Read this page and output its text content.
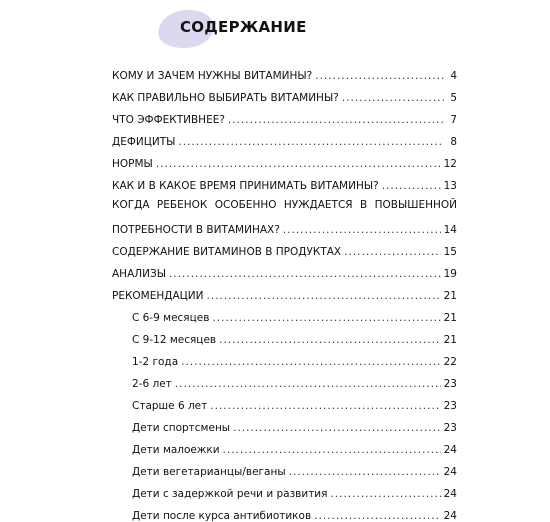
СОДЕРЖАНИЕ
КОМУ И ЗАЧЕМ НУЖНЫ ВИТАМИНЫ? .....	4
КАК ПРАВИЛЬНО ВЫБИРАТЬ ВИТАМИНЫ? .....	5
ЧТО ЭФФЕКТИВНЕЕ? .....	7
ДЕФИЦИТЫ .....	8
НОРМЫ .....	12
КАК И В КАКОЕ ВРЕМЯ ПРИНИМАТЬ ВИТАМИНЫ? .....	13
КОГДА РЕБЕНОК ОСОБЕННО НУЖДАЕТСЯ В ПОВЫШЕННОЙ
ПОТРЕБНОСТИ В ВИТАМИНАХ? .....	14
СОДЕРЖАНИЕ ВИТАМИНОВ В ПРОДУКТАХ .....	15
АНАЛИЗЫ .....	19
РЕКОМЕНДАЦИИ .....	21
С 6-9 месяцев .....	21
С 9-12 месяцев .....	21
1-2 года .....	22
2-6 лет .....	23
Старше 6 лет .....	23
Дети спортсмены .....	23
Дети малоежки .....	24
Дети вегетарианцы/веганы .....	24
Дети с задержкой речи и развития .....	24
Дети после курса антибиотиков .....	24
